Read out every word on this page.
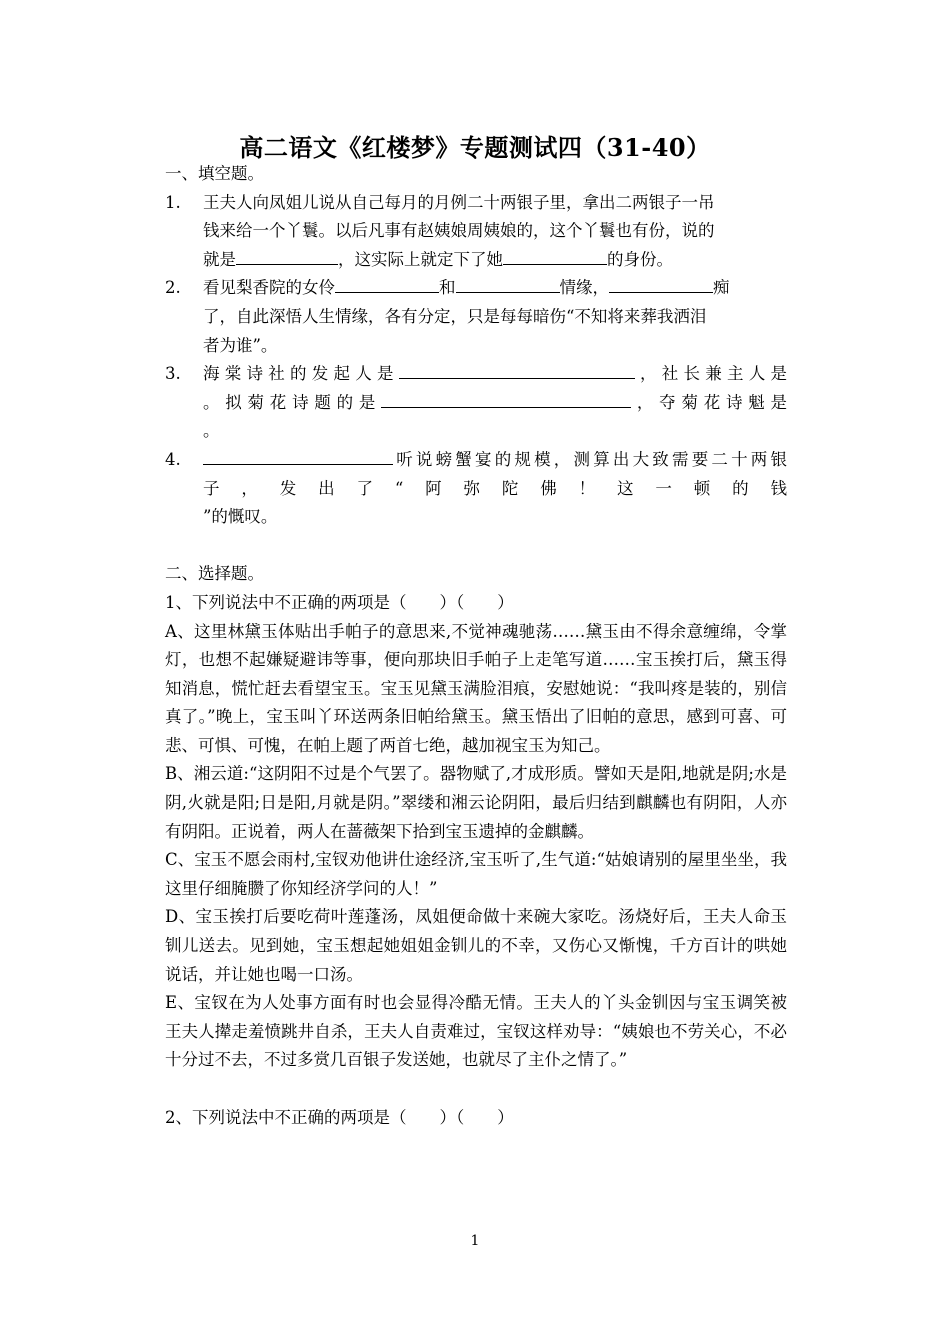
高二语文《红楼梦》专题测试四（31-40）

一、填空题。

1.	王夫人向凤姐儿说从自己每月的月例二十两银子里，拿出二两银子一吊

钱来给一个丫鬟。以后凡事有赵姨娘周姨娘的，这个丫鬟也有份，说的

就是	，这实际上就定下了她	的身份。

2.	看见梨香院的女伶	和	情缘，	痴

了，自此深悟人生情缘，各有分定，只是每每暗伤“不知将来葬我洒泪

者为谁”。

3.	海棠诗社的发起人是	，社长兼主人是

。拟菊花诗题的是	，夺菊花诗魁是

。

4.	听说螃蟹宴的规模，测算出大致需要二十两银

子，发出了“阿弥陀佛！这一顿的钱

”的慨叹。

二、选择题。

1、下列说法中不正确的两项是（　　）（　　）

A、这里林黛玉体贴出手帕子的意思来,不觉神魂驰荡……黛玉由不得余意缠绵，令掌灯，也想不起嫌疑避讳等事，便向那块旧手帕子上走笔写道……宝玉挨打后，黛玉得知消息，慌忙赶去看望宝玉。宝玉见黛玉满脸泪痕，安慰她说：“我叫疼是装的，别信真了。”晚上，宝玉叫丫环送两条旧帕给黛玉。黛玉悟出了旧帕的意思，感到可喜、可悲、可惧、可愧，在帕上题了两首七绝，越加视宝玉为知己。

B、湘云道:“这阴阳不过是个气罢了。器物赋了,才成形质。譬如天是阳,地就是阴;水是阴,火就是阳;日是阳,月就是阴。”翠缕和湘云论阴阳，最后归结到麒麟也有阴阳，人亦有阴阳。正说着，两人在蔷薇架下拾到宝玉遗掉的金麒麟。

C、宝玉不愿会雨村,宝钗劝他讲仕途经济,宝玉听了,生气道:“姑娘请别的屋里坐坐，我这里仔细腌臜了你知经济学问的人！”

D、宝玉挨打后要吃荷叶莲蓬汤，凤姐便命做十来碗大家吃。汤烧好后，王夫人命玉钏儿送去。见到她，宝玉想起她姐姐金钏儿的不幸，又伤心又惭愧，千方百计的哄她说话，并让她也喝一口汤。

E、宝钗在为人处事方面有时也会显得冷酷无情。王夫人的丫头金钏因与宝玉调笑被王夫人撵走羞愤跳井自杀，王夫人自责难过，宝钗这样劝导：“姨娘也不劳关心，不必十分过不去，不过多赏几百银子发送她，也就尽了主仆之情了。”

2、下列说法中不正确的两项是（　　）（　　）

1
